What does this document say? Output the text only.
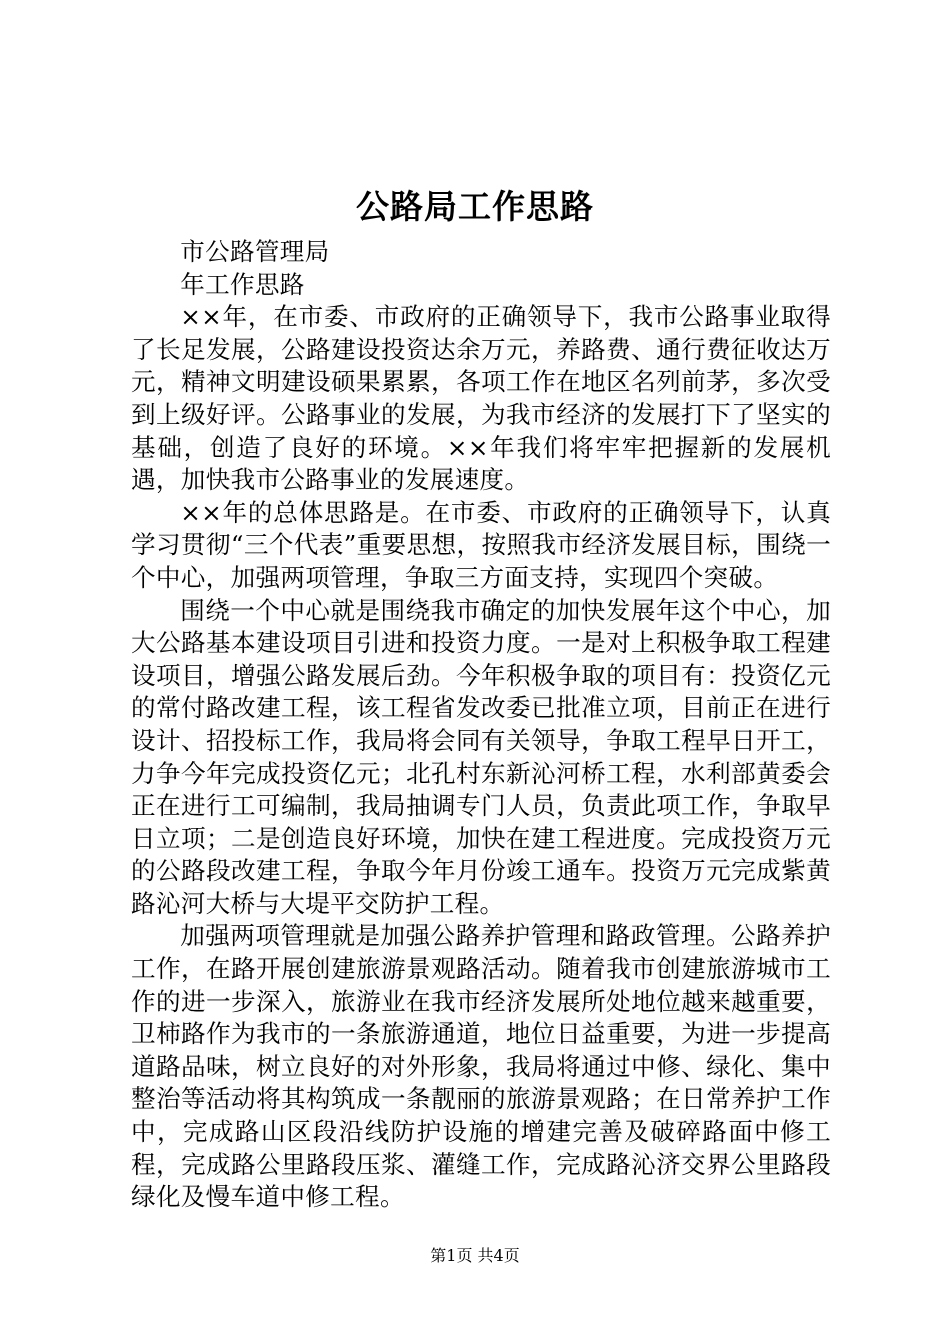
公路局工作思路

市公路管理局

年工作思路

××年，在市委、市政府的正确领导下，我市公路事业取得了长足发展，公路建设投资达余万元，养路费、通行费征收达万元，精神文明建设硕果累累，各项工作在地区名列前茅，多次受到上级好评。公路事业的发展，为我市经济的发展打下了坚实的基础，创造了良好的环境。××年我们将牢牢把握新的发展机遇，加快我市公路事业的发展速度。

××年的总体思路是。在市委、市政府的正确领导下，认真学习贯彻“三个代表”重要思想，按照我市经济发展目标，围绕一个中心，加强两项管理，争取三方面支持，实现四个突破。

围绕一个中心就是围绕我市确定的加快发展年这个中心，加大公路基本建设项目引进和投资力度。一是对上积极争取工程建设项目，增强公路发展后劲。今年积极争取的项目有：投资亿元的常付路改建工程，该工程省发改委已批准立项，目前正在进行设计、招投标工作，我局将会同有关领导，争取工程早日开工，力争今年完成投资亿元；北孔村东新沁河桥工程，水利部黄委会正在进行工可编制，我局抽调专门人员，负责此项工作，争取早日立项；二是创造良好环境，加快在建工程进度。完成投资万元的公路段改建工程，争取今年月份竣工通车。投资万元完成紫黄路沁河大桥与大堤平交防护工程。

加强两项管理就是加强公路养护管理和路政管理。公路养护工作，在路开展创建旅游景观路活动。随着我市创建旅游城市工作的进一步深入，旅游业在我市经济发展所处地位越来越重要，卫柿路作为我市的一条旅游通道，地位日益重要，为进一步提高道路品味，树立良好的对外形象，我局将通过中修、绿化、集中整治等活动将其构筑成一条靓丽的旅游景观路；在日常养护工作中，完成路山区段沿线防护设施的增建完善及破碎路面中修工程，完成路公里路段压浆、灌缝工作，完成路沁济交界公里路段绿化及慢车道中修工程。

第1页 共4页
